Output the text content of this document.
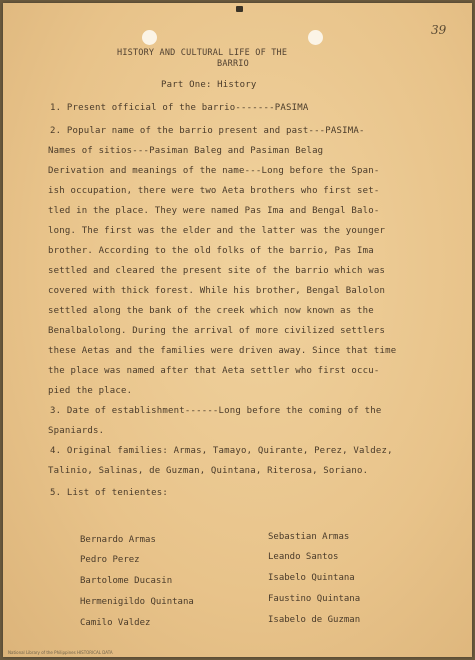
39
HISTORY AND CULTURAL LIFE OF THE
BARRIO
Part One: History
1. Present official of the barrio-------PASIMA
2. Popular name of the barrio present and past---PASIMA-
Names of sitios---Pasiman Baleg and Pasiman Belag
Derivation and meanings of the name---Long before the Span-
ish occupation, there were two Aeta brothers who first set-
tled in the place. They were named Pas Ima and Bengal Balo-
long. The first was the elder and the latter was the younger
brother. According to the old folks of the barrio, Pas Ima
settled and cleared the present site of the barrio which was
covered with thick forest. While his brother, Bengal Balolon
settled along the bank of the creek which now known as the
Benalbalolong. During the arrival of more civilized settlers
these Aetas and the families were driven away. Since that time
the place was named after that Aeta settler who first occu-
pied the place.
3. Date of establishment------Long before the coming of the
Spaniards.
4. Original families: Armas, Tamayo, Quirante, Perez, Valdez,
Talinio, Salinas, de Guzman, Quintana, Riterosa, Soriano.
5. List of tenientes:
Bernardo Armas
Pedro Perez
Bartolome Ducasin
Hermenigildo Quintana
Camilo Valdez
Sebastian Armas
Leando Santos
Isabelo Quintana
Faustino Quintana
Isabelo de Guzman
National Library of the Philippines HISTORICAL DATA
